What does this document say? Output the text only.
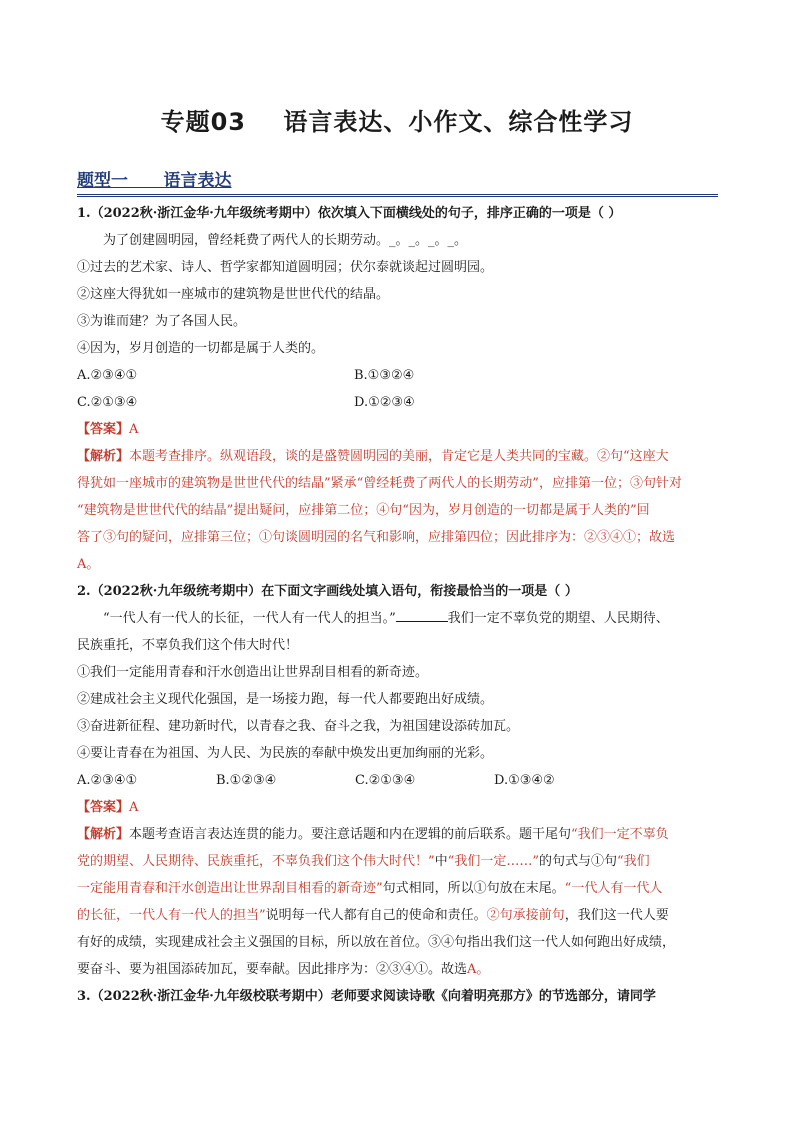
专题03    语言表达、小作文、综合性学习
题型一      语言表达
1.（2022秋·浙江金华·九年级统考期中）依次填入下面横线处的句子，排序正确的一项是（ ）
为了创建圆明园，曾经耗费了两代人的长期劳动。_。_。_。_。
①过去的艺术家、诗人、哲学家都知道圆明园；伏尔泰就谈起过圆明园。
②这座大得犹如一座城市的建筑物是世世代代的结晶。
③为谁而建？为了各国人民。
④因为，岁月创造的一切都是属于人类的。
A.②③④①	B.①③②④
C.②①③④	D.①②③④
【答案】A
【解析】本题考查排序。纵观语段，谈的是盛赞圆明园的美丽，肯定它是人类共同的宝藏。②句“这座大
得犹如一座城市的建筑物是世世代代的结晶”紧承“曾经耗费了两代人的长期劳动”，应排第一位；③句针对
“建筑物是世世代代的结晶”提出疑问，应排第二位；④句“因为，岁月创造的一切都是属于人类的”回
答了③句的疑问，应排第三位；①句谈圆明园的名气和影响，应排第四位；因此排序为：②③④①；故选
A。
2.（2022秋·九年级统考期中）在下面文字画线处填入语句，衔接最恰当的一项是（ ）
“一代人有一代人的长征，一代人有一代人的担当。”	我们一定不辜负党的期望、人民期待、
民族重托，不辜负我们这个伟大时代！
①我们一定能用青春和汗水创造出让世界刮目相看的新奇迹。
②建成社会主义现代化强国，是一场接力跑，每一代人都要跑出好成绩。
③奋进新征程、建功新时代，以青春之我、奋斗之我，为祖国建设添砖加瓦。
④要让青春在为祖国、为人民、为民族的奉献中焕发出更加绚丽的光彩。
A.②③④①	B.①②③④	C.②①③④	D.①③④②
【答案】A
【解析】本题考查语言表达连贯的能力。要注意话题和内在逻辑的前后联系。题干尾句“我们一定不辜负
党的期望、人民期待、民族重托，不辜负我们这个伟大时代！”中“我们一定……”的句式与①句“我们
一定能用青春和汗水创造出让世界刮目相看的新奇迹”句式相同，所以①句放在末尾。“一代人有一代人
的长征，一代人有一代人的担当”说明每一代人都有自己的使命和责任。②句承接前句，我们这一代人要
有好的成绩，实现建成社会主义强国的目标，所以放在首位。③④句指出我们这一代人如何跑出好成绩，
要奋斗、要为祖国添砖加瓦，要奉献。因此排序为：②③④①。故选A。
3.（2022秋·浙江金华·九年级校联考期中）老师要求阅读诗歌《向着明亮那方》的节选部分，请同学
